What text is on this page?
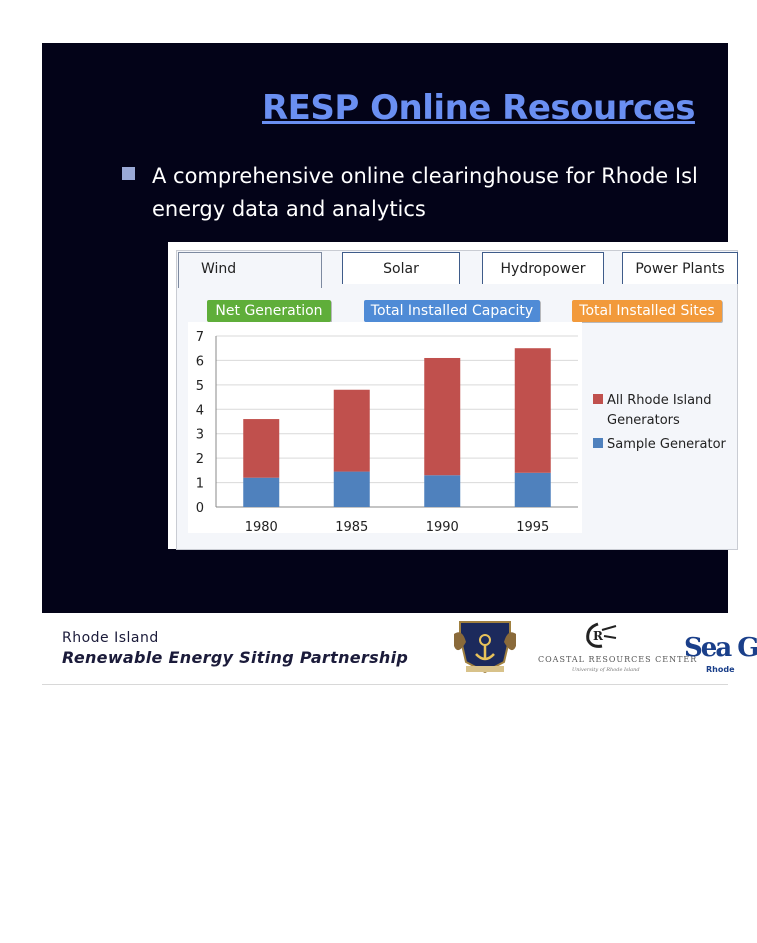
RESP Online Resources
A comprehensive online clearinghouse for Rhode Isl
energy data and analytics
Wind	Solar	Hydropower	Power Plants
Net Generation	Total Installed Capacity	Total Installed Sites
0
1
2
3
4
5
6
7
1980	1985	1990	1995
All Rhode Island
Generators
Sample Generator
Rhode Island
Renewable Energy Siting Partnership
R
COASTAL RESOURCES CENTER
University of Rhode Island
Sea G
Rhode
